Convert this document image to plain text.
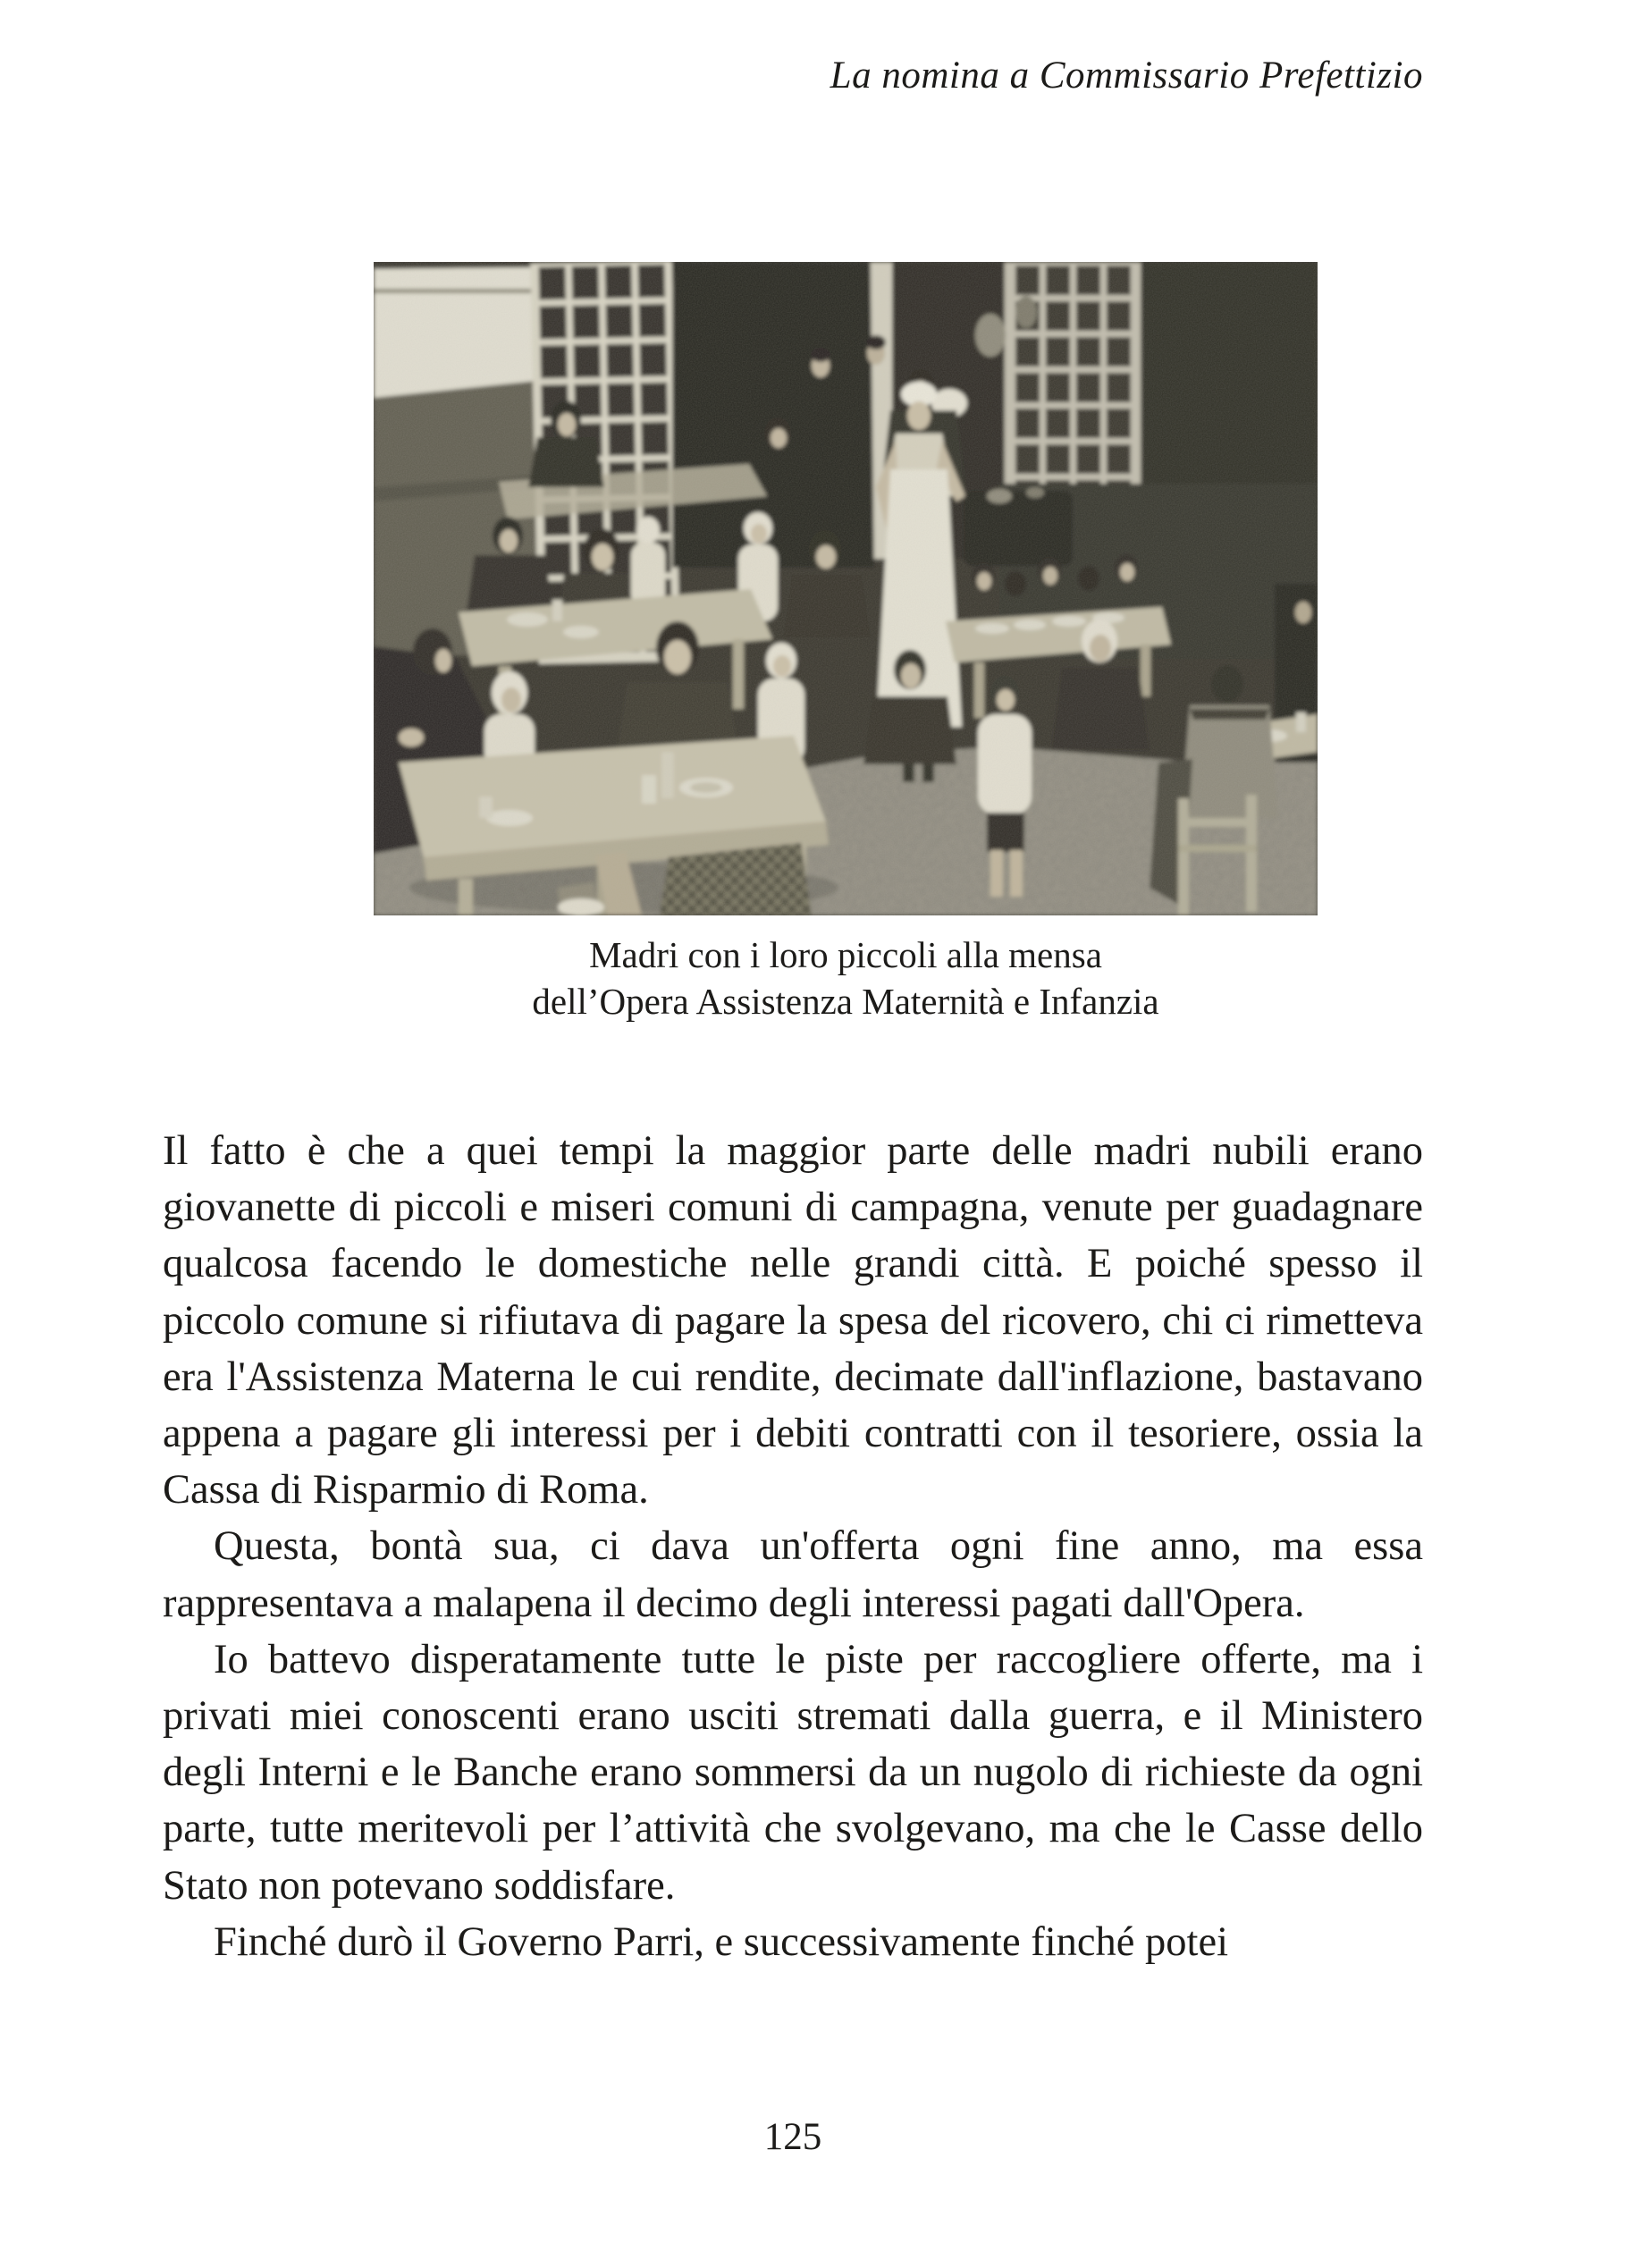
La nomina a Commissario Prefettizio
Madri con i loro piccoli alla mensa
dell’Opera Assistenza Maternità e Infanzia

Il fatto è che a quei tempi la maggior parte delle madri nubili erano giovanette di piccoli e miseri comuni di campagna, venute per guadagnare qualcosa facendo le domestiche nelle grandi città. E poiché spesso il piccolo comune si rifiutava di pagare la spesa del ricovero, chi ci rimetteva era l'Assistenza Materna le cui rendite, decimate dall'inflazione, bastavano appena a pagare gli interessi per i debiti contratti con il tesoriere, ossia la Cassa di Risparmio di Roma.

Questa, bontà sua, ci dava un'offerta ogni fine anno, ma essa rappresentava a malapena il decimo degli interessi pagati dall'Opera.

Io battevo disperatamente tutte le piste per raccogliere offerte, ma i privati miei conoscenti erano usciti stremati dalla guerra, e il Ministero degli Interni e le Banche erano sommersi da un nugolo di richieste da ogni parte, tutte meritevoli per l’attività che svolgevano, ma che le Casse dello Stato non potevano soddisfare.

Finché durò il Governo Parri, e successivamente finché potei

125
